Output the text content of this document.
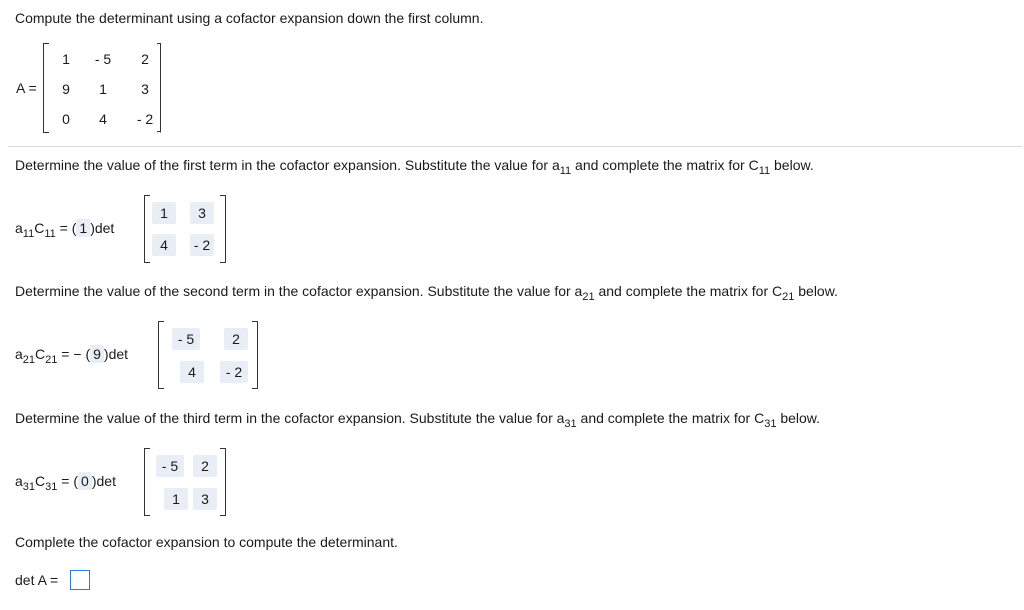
Compute the determinant using a cofactor expansion down the first column.
A =
1	- 5	2
9	1	3
0	4	- 2
Determine the value of the first term in the cofactor expansion. Substitute the value for $a_{11}$ and complete the matrix for $C_{11}$ below.
$a_{11}C_{11}$ = ( 1 )det
1	3
4	- 2
Determine the value of the second term in the cofactor expansion. Substitute the value for $a_{21}$ and complete the matrix for $C_{21}$ below.
$a_{21}C_{21}$ = − ( 9 )det
- 5	2
4	- 2
Determine the value of the third term in the cofactor expansion. Substitute the value for $a_{31}$ and complete the matrix for $C_{31}$ below.
$a_{31}C_{31}$ = ( 0 )det
- 5	2
1	3
Complete the cofactor expansion to compute the determinant.
det A =
